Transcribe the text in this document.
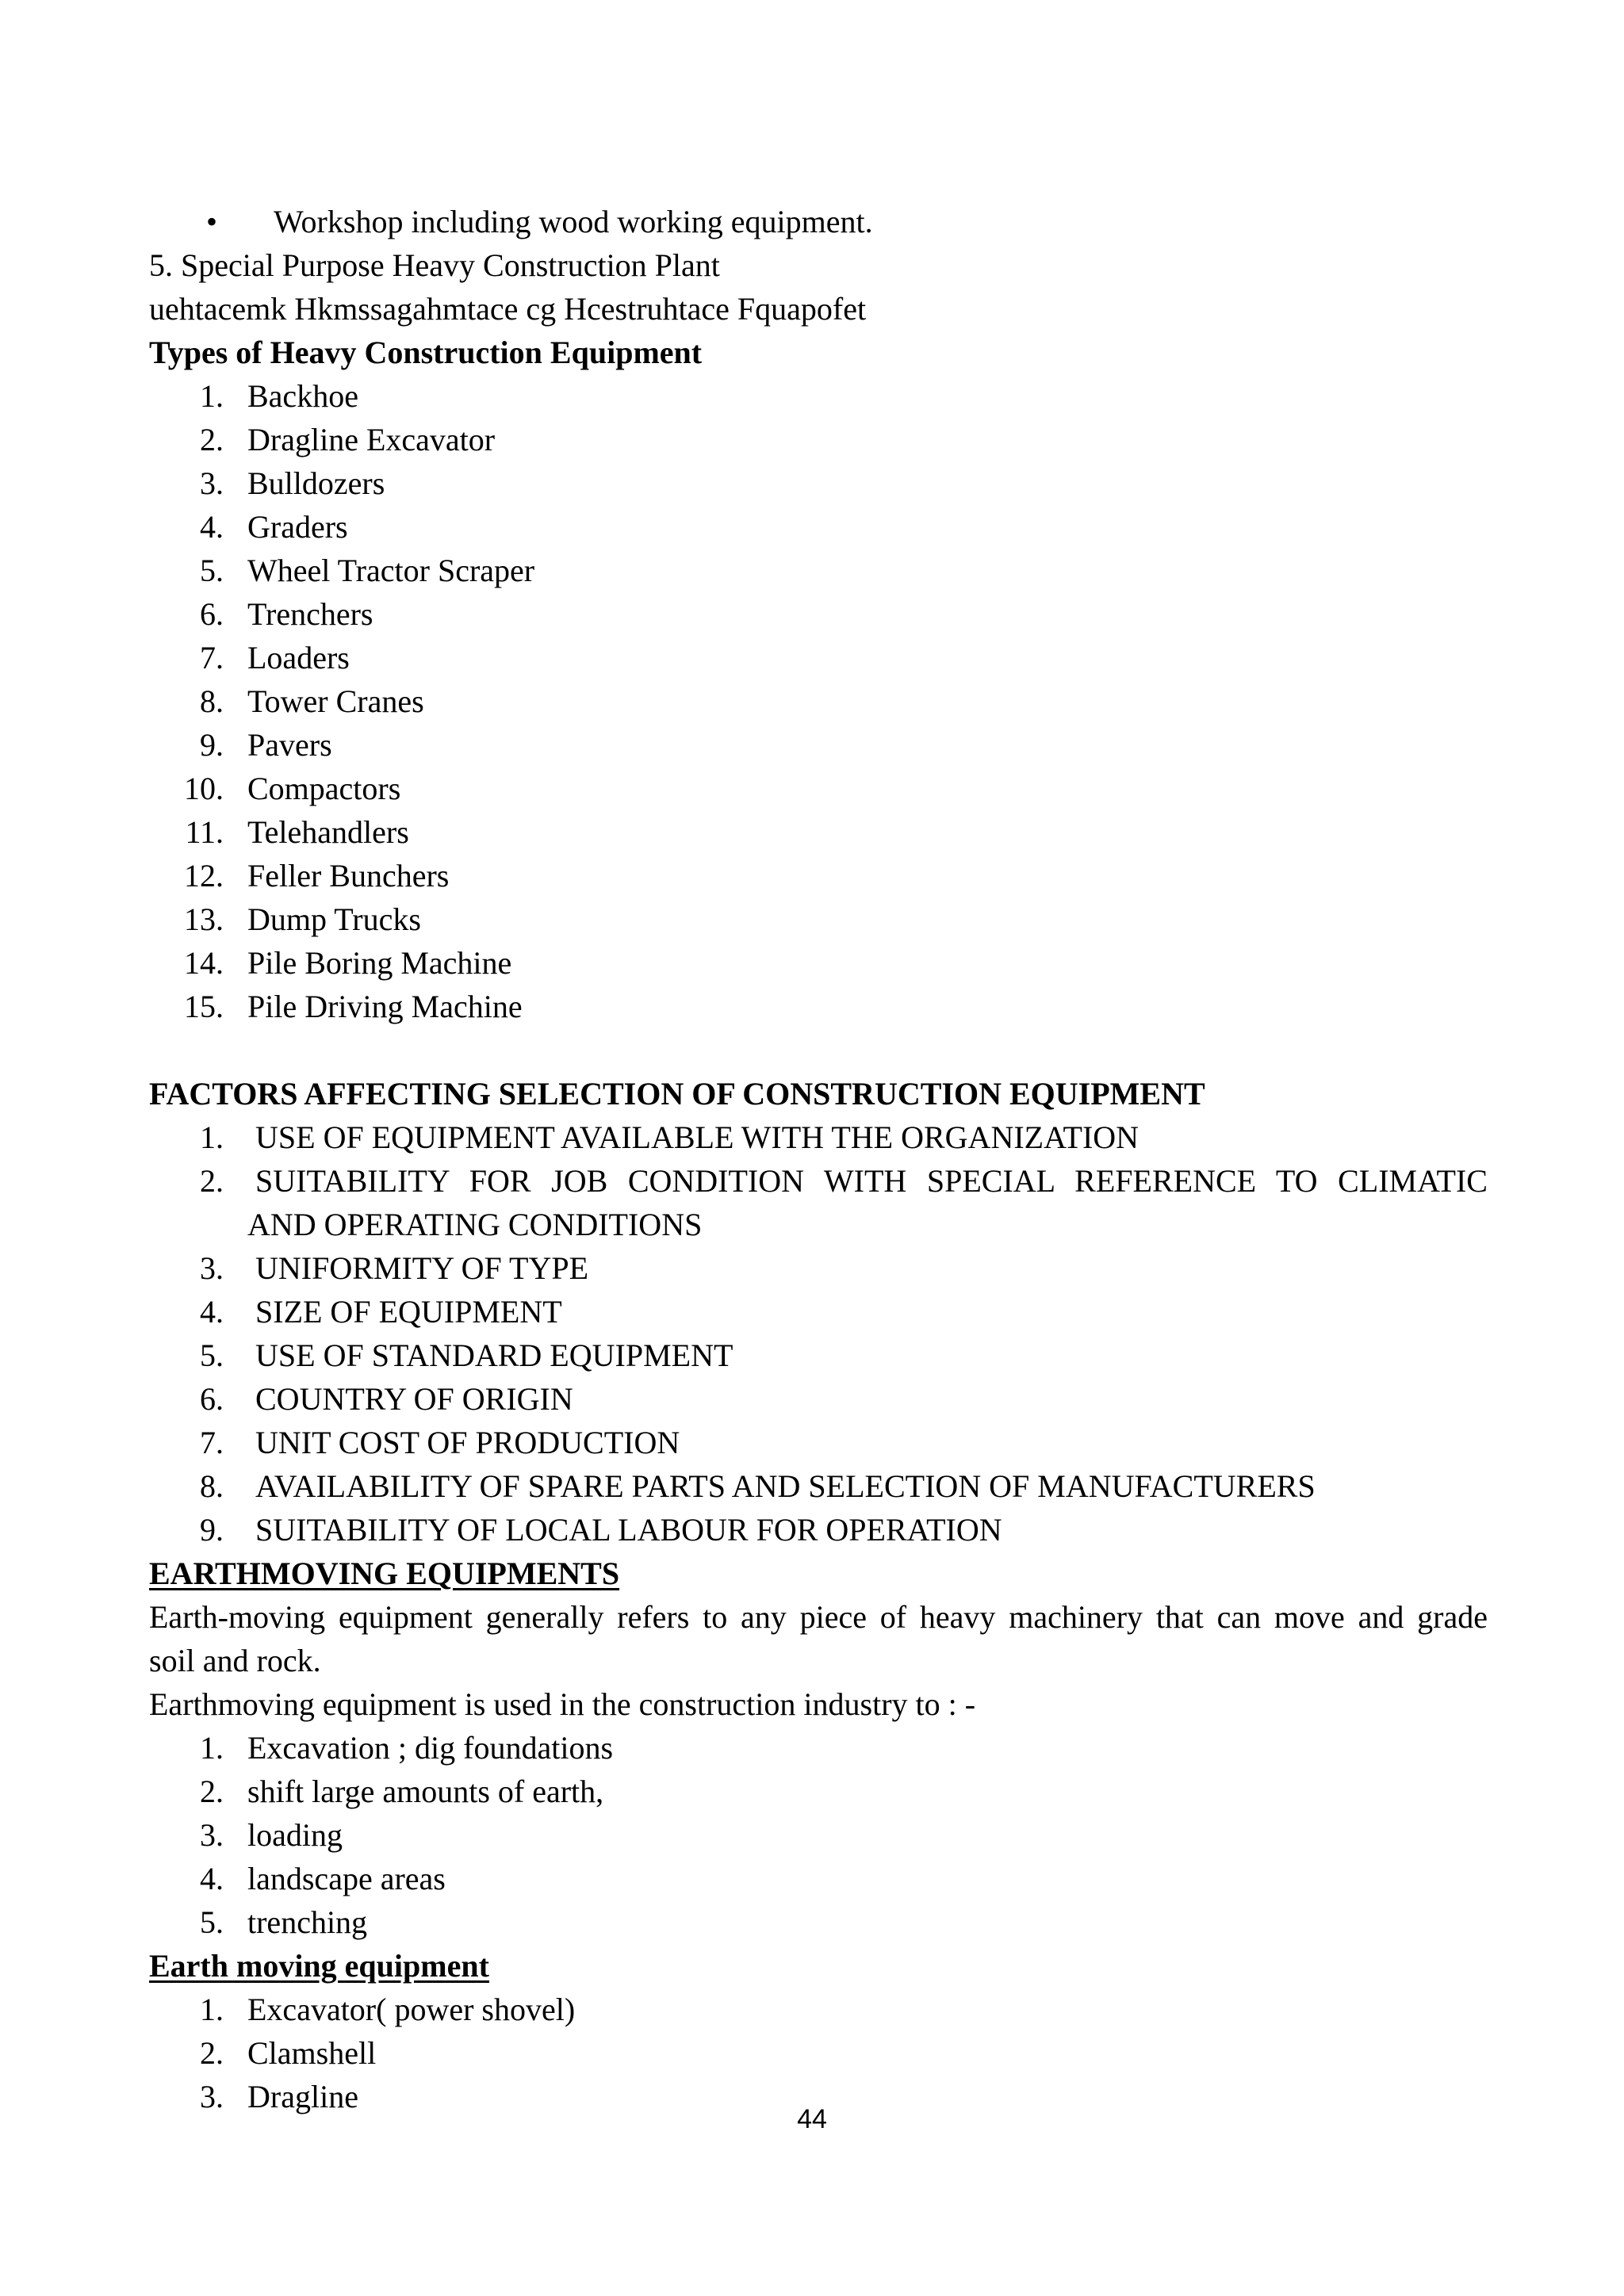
• Workshop including wood working equipment.
5. Special Purpose Heavy Construction Plant
uehtacemk Hkmssagahmtace cg Hcestruhtace Fquapofet
Types of Heavy Construction Equipment
1. Backhoe
2. Dragline Excavator
3. Bulldozers
4. Graders
5. Wheel Tractor Scraper
6. Trenchers
7. Loaders
8. Tower Cranes
9. Pavers
10. Compactors
11. Telehandlers
12. Feller Bunchers
13. Dump Trucks
14. Pile Boring Machine
15. Pile Driving Machine
FACTORS AFFECTING SELECTION OF CONSTRUCTION EQUIPMENT
1. USE OF EQUIPMENT AVAILABLE WITH THE ORGANIZATION
2. SUITABILITY FOR JOB CONDITION WITH SPECIAL REFERENCE TO CLIMATIC
AND OPERATING CONDITIONS
3. UNIFORMITY OF TYPE
4. SIZE OF EQUIPMENT
5. USE OF STANDARD EQUIPMENT
6. COUNTRY OF ORIGIN
7. UNIT COST OF PRODUCTION
8. AVAILABILITY OF SPARE PARTS AND SELECTION OF MANUFACTURERS
9. SUITABILITY OF LOCAL LABOUR FOR OPERATION
EARTHMOVING EQUIPMENTS
Earth-moving equipment generally refers to any piece of heavy machinery that can move and grade
soil and rock.
Earthmoving equipment is used in the construction industry to : -
1. Excavation ; dig foundations
2. shift large amounts of earth,
3. loading
4. landscape areas
5. trenching
Earth moving equipment
1. Excavator( power shovel)
2. Clamshell
3. Dragline
44
